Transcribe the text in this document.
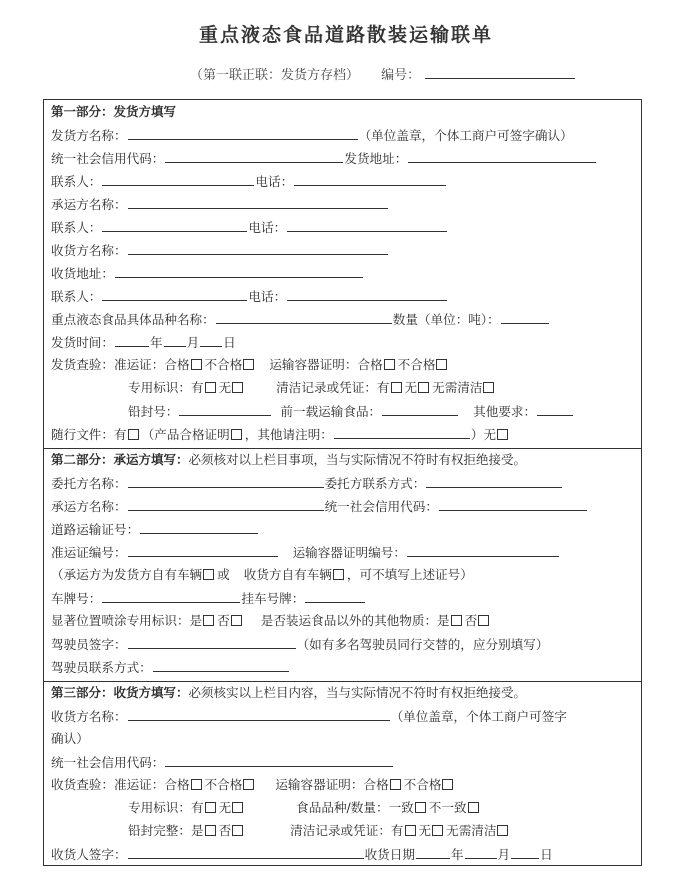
重点液态食品道路散装运输联单
（第一联正联：发货方存档） 编号：
第一部分：发货方填写
发货方名称：	（单位盖章，个体工商户可签字确认）
统一社会信用代码：	发货地址：
联系人：	电话：
承运方名称：
联系人：	电话：
收货方名称：
收货地址：
联系人：	电话：
重点液态食品具体品种名称：	数量（单位：吨）：
发货时间：	年 月 日
发货查验：准运证：合格 不合格 运输容器证明：合格 不合格
专用标识：有 无	清洁记录或凭证：有 无 无需清洁
铅封号：	前一载运输食品：	其他要求：
随行文件：有 （产品合格证明 ，其他请注明：	）无
第二部分：承运方填写：必须核对以上栏目事项，当与实际情况不符时有权拒绝接受。
委托方名称：	委托方联系方式：
承运方名称：	统一社会信用代码：
道路运输证号：
准运证编号：	运输容器证明编号：
（承运方为发货方自有车辆 或 收货方自有车辆 ，可不填写上述证号）
车牌号：	挂车号牌：
显著位置喷涂专用标识：是 否 是否装运食品以外的其他物质：是 否
驾驶员签字：	（如有多名驾驶员同行交替的，应分别填写）
驾驶员联系方式：
第三部分：收货方填写：必须核实以上栏目内容，当与实际情况不符时有权拒绝接受。
收货方名称：	（单位盖章，个体工商户可签字
确认）
统一社会信用代码：
收货查验：准运证：合格 不合格	运输容器证明：合格 不合格
专用标识：有 无	食品品种/数量：一致 不一致
铅封完整：是 否	清洁记录或凭证：有 无 无需清洁
收货人签字：	收货日期	年	月 日
